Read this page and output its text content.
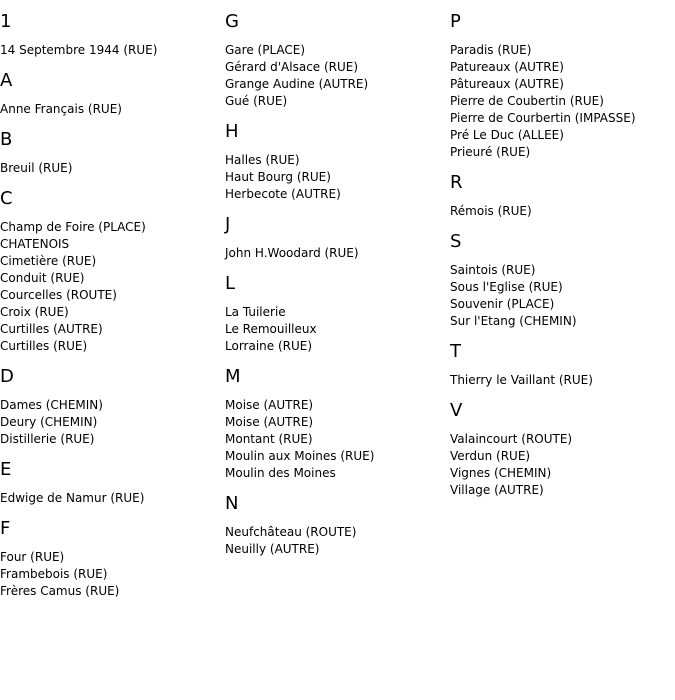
1
14 Septembre 1944 (RUE)
A
Anne Français (RUE)
B
Breuil (RUE)
C
Champ de Foire (PLACE)
CHATENOIS
Cimetière (RUE)
Conduit (RUE)
Courcelles (ROUTE)
Croix (RUE)
Curtilles (AUTRE)
Curtilles (RUE)
D
Dames (CHEMIN)
Deury (CHEMIN)
Distillerie (RUE)
E
Edwige de Namur (RUE)
F
Four (RUE)
Frambebois (RUE)
Frères Camus (RUE)
G
Gare (PLACE)
Gérard d'Alsace (RUE)
Grange Audine (AUTRE)
Gué (RUE)
H
Halles (RUE)
Haut Bourg (RUE)
Herbecote (AUTRE)
J
John H.Woodard (RUE)
L
La Tuilerie
Le Remouilleux
Lorraine (RUE)
M
Moise (AUTRE)
Moise (AUTRE)
Montant (RUE)
Moulin aux Moines (RUE)
Moulin des Moines
N
Neufchâteau (ROUTE)
Neuilly (AUTRE)
P
Paradis (RUE)
Patureaux (AUTRE)
Pâtureaux (AUTRE)
Pierre de Coubertin (RUE)
Pierre de Courbertin (IMPASSE)
Pré Le Duc (ALLEE)
Prieuré (RUE)
R
Rémois (RUE)
S
Saintois (RUE)
Sous l'Eglise (RUE)
Souvenir (PLACE)
Sur l'Etang (CHEMIN)
T
Thierry le Vaillant (RUE)
V
Valaincourt (ROUTE)
Verdun (RUE)
Vignes (CHEMIN)
Village (AUTRE)
